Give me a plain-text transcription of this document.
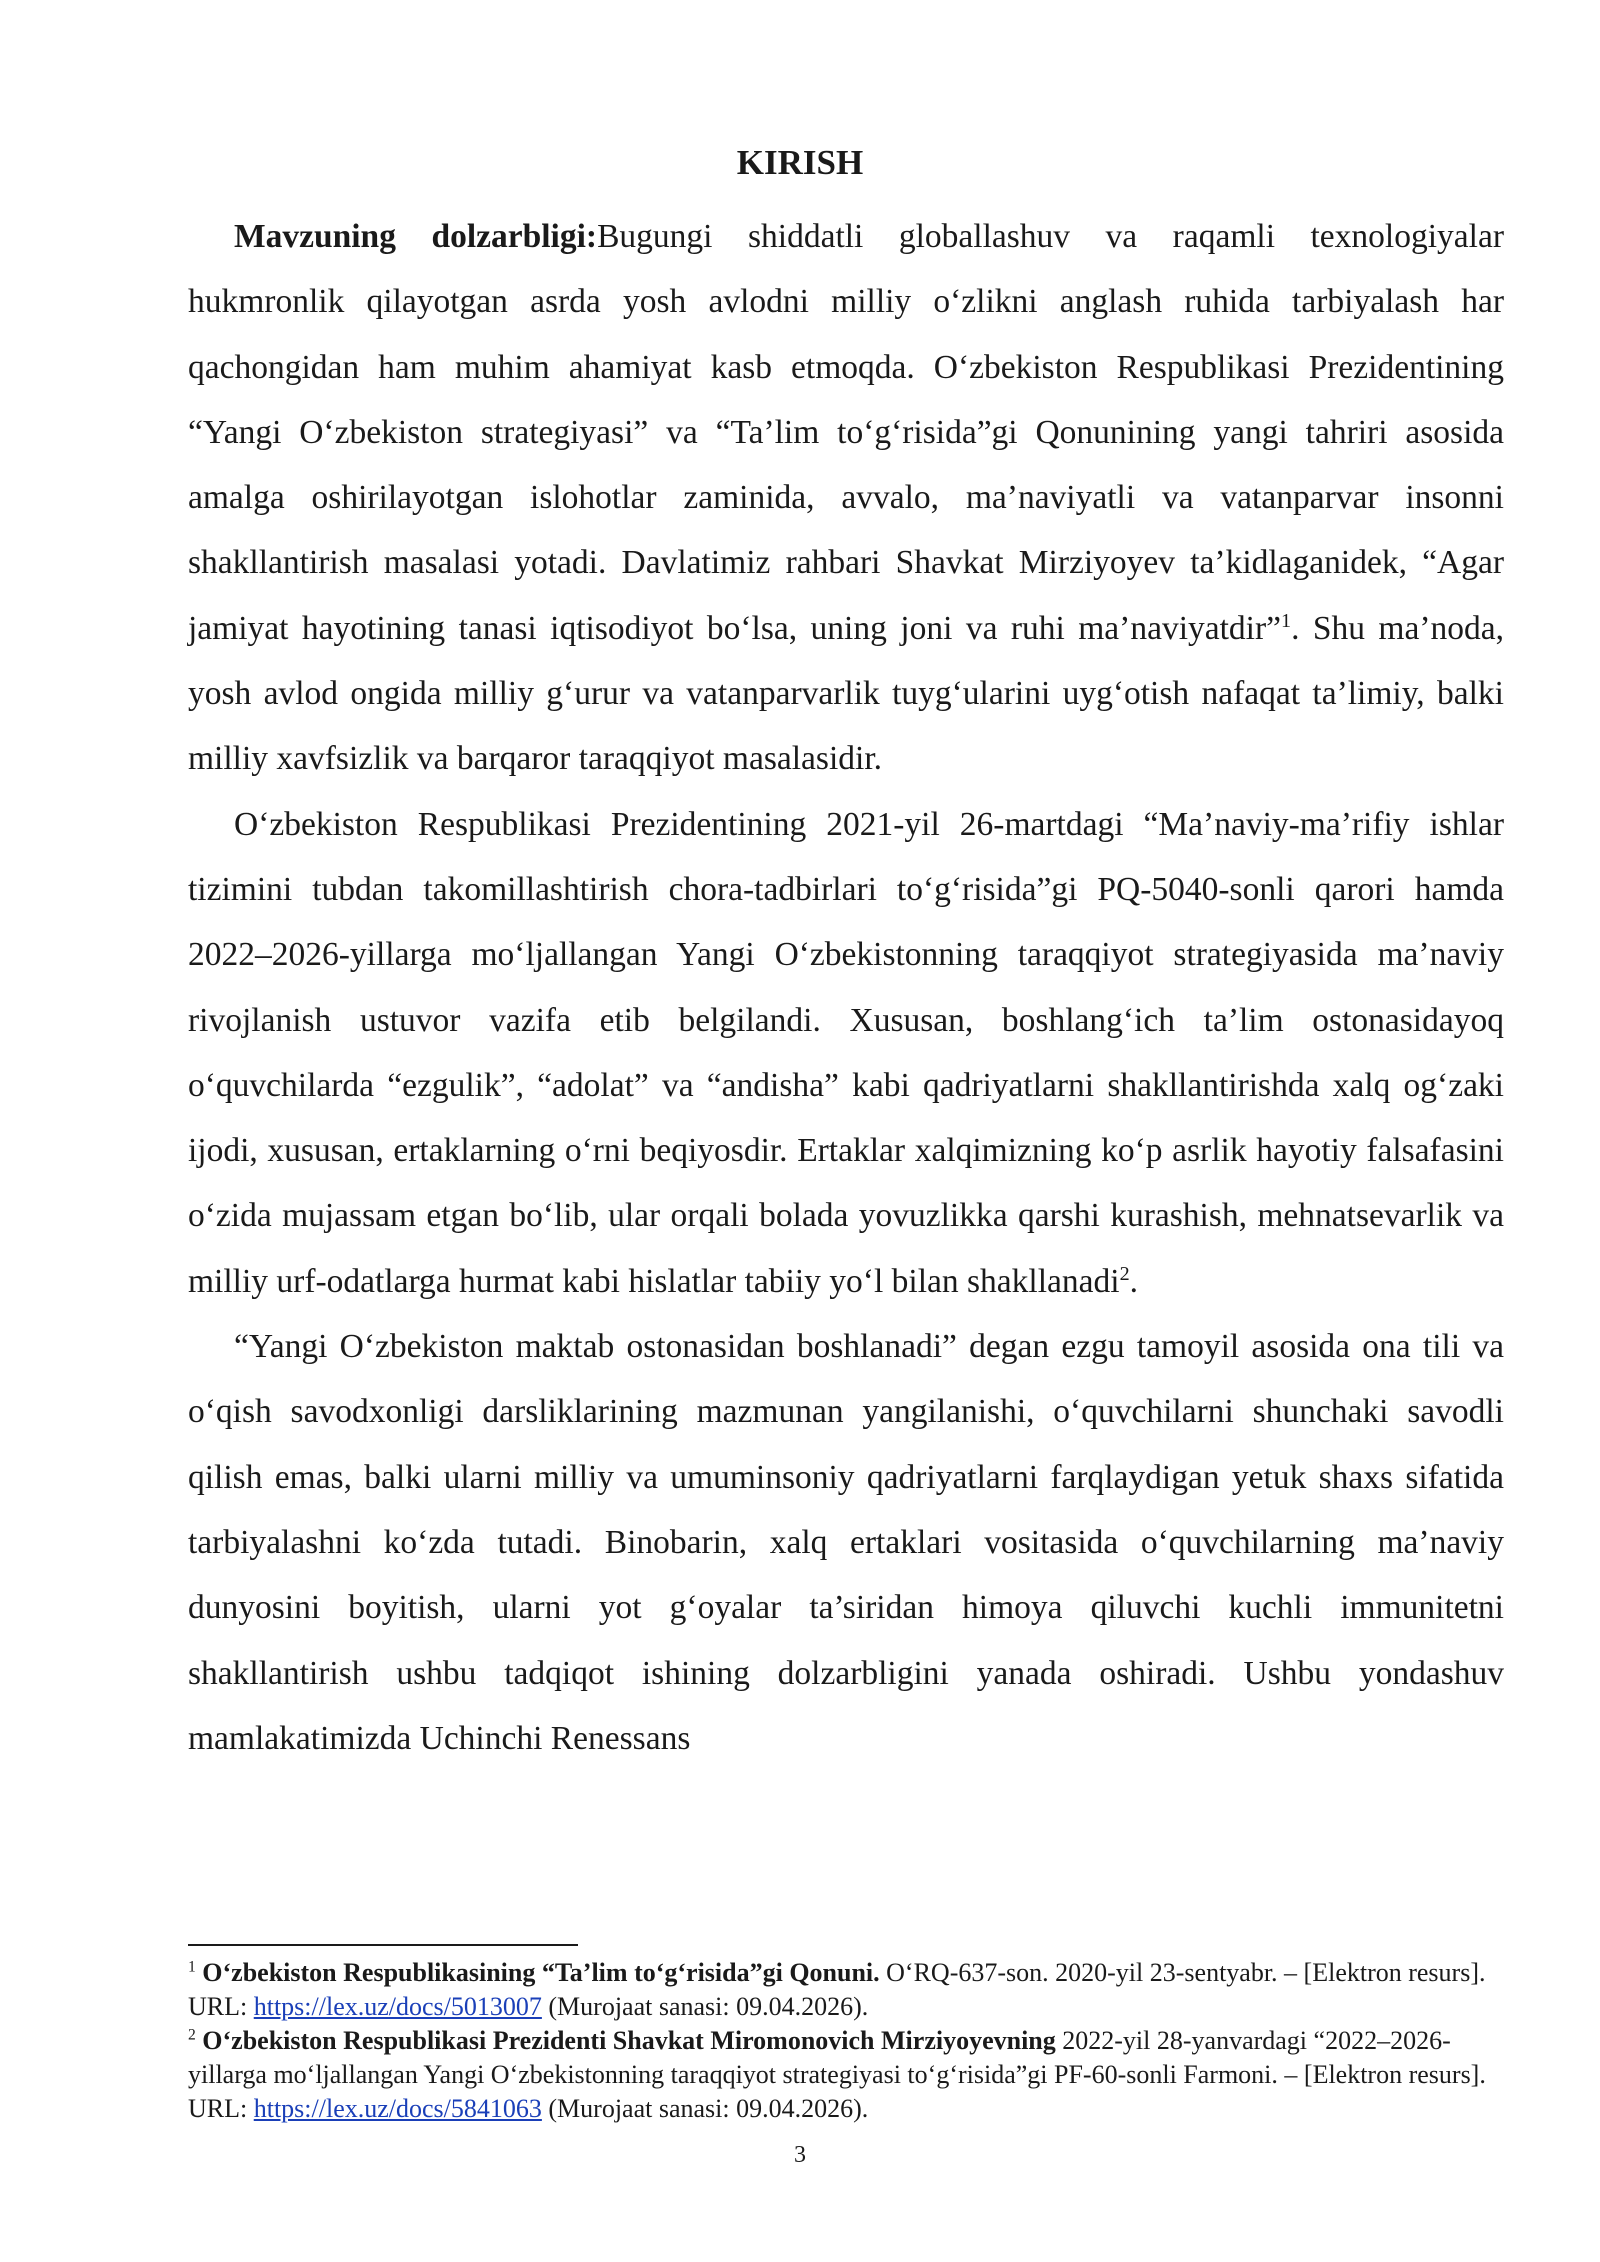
KIRISH

Mavzuning dolzarbligi:Bugungi shiddatli globallashuv va raqamli texnologiyalar hukmronlik qilayotgan asrda yosh avlodni milliy o‘zlikni anglash ruhida tarbiyalash har qachongidan ham muhim ahamiyat kasb etmoqda. O‘zbekiston Respublikasi Prezidentining “Yangi O‘zbekiston strategiyasi” va “Ta’lim to‘g‘risida”gi Qonunining yangi tahriri asosida amalga oshirilayotgan islohotlar zaminida, avvalo, ma’naviyatli va vatanparvar insonni shakllantirish masalasi yotadi. Davlatimiz rahbari Shavkat Mirziyoyev ta’kidlaganidek, “Agar jamiyat hayotining tanasi iqtisodiyot bo‘lsa, uning joni va ruhi ma’naviyatdir”$^1$. Shu ma’noda, yosh avlod ongida milliy g‘urur va vatanparvarlik tuyg‘ularini uyg‘otish nafaqat ta’limiy, balki milliy xavfsizlik va barqaror taraqqiyot masalasidir.

O‘zbekiston Respublikasi Prezidentining 2021-yil 26-martdagi “Ma’naviy-ma’rifiy ishlar tizimini tubdan takomillashtirish chora-tadbirlari to‘g‘risida”gi PQ-5040-sonli qarori hamda 2022–2026-yillarga mo‘ljallangan Yangi O‘zbekistonning taraqqiyot strategiyasida ma’naviy rivojlanish ustuvor vazifa etib belgilandi. Xususan, boshlang‘ich ta’lim ostonasidayoq o‘quvchilarda “ezgulik”, “adolat” va “andisha” kabi qadriyatlarni shakllantirishda xalq og‘zaki ijodi, xususan, ertaklarning o‘rni beqiyosdir. Ertaklar xalqimizning ko‘p asrlik hayotiy falsafasini o‘zida mujassam etgan bo‘lib, ular orqali bolada yovuzlikka qarshi kurashish, mehnatsevarlik va milliy urf-odatlarga hurmat kabi hislatlar tabiiy yo‘l bilan shakllanadi$^2$.

“Yangi O‘zbekiston maktab ostonasidan boshlanadi” degan ezgu tamoyil asosida ona tili va o‘qish savodxonligi darsliklarining mazmunan yangilanishi, o‘quvchilarni shunchaki savodli qilish emas, balki ularni milliy va umuminsoniy qadriyatlarni farqlaydigan yetuk shaxs sifatida tarbiyalashni ko‘zda tutadi. Binobarin, xalq ertaklari vositasida o‘quvchilarning ma’naviy dunyosini boyitish, ularni yot g‘oyalar ta’siridan himoya qiluvchi kuchli immunitetni shakllantirish ushbu tadqiqot ishining dolzarbligini yanada oshiradi. Ushbu yondashuv mamlakatimizda Uchinchi Renessans

$^1$ O‘zbekiston Respublikasining “Ta’lim to‘g‘risida”gi Qonuni. O‘RQ-637-son. 2020-yil 23-sentyabr. – [Elektron resurs]. URL: https://lex.uz/docs/5013007 (Murojaat sanasi: 09.04.2026).

$^2$ O‘zbekiston Respublikasi Prezidenti Shavkat Miromonovich Mirziyoyevning 2022-yil 28-yanvardagi “2022–2026-yillarga mo‘ljallangan Yangi O‘zbekistonning taraqqiyot strategiyasi to‘g‘risida”gi PF-60-sonli Farmoni. – [Elektron resurs]. URL: https://lex.uz/docs/5841063 (Murojaat sanasi: 09.04.2026).

3
